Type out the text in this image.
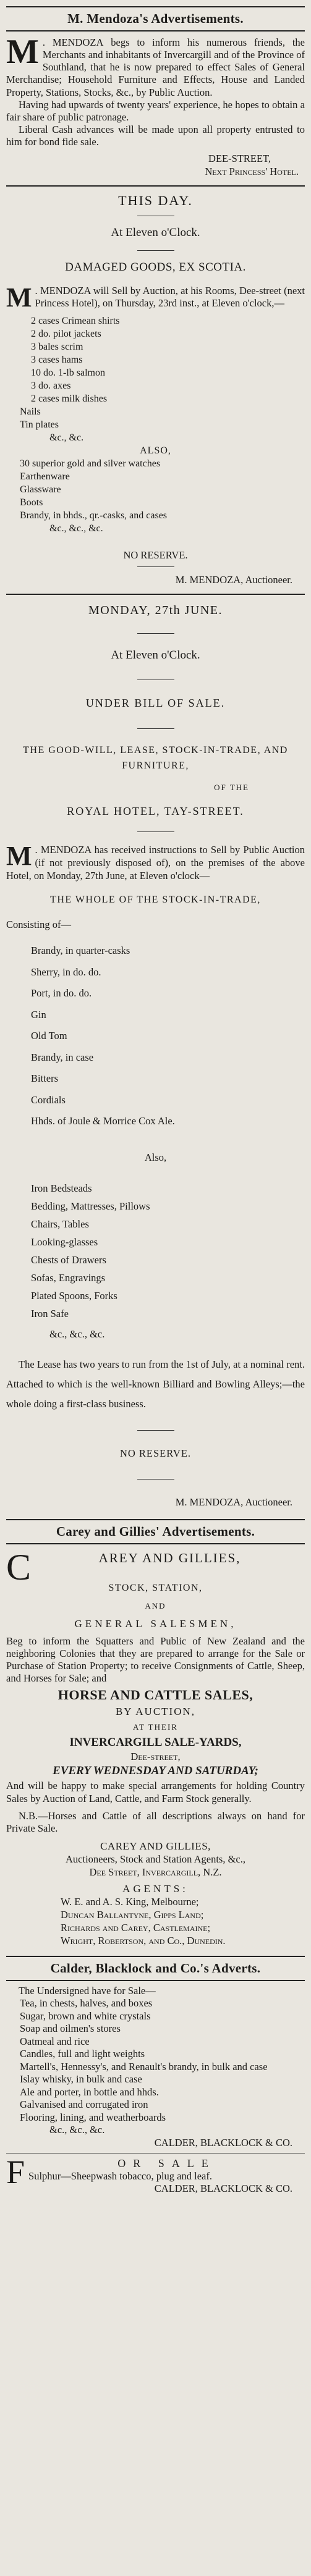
M. Mendoza's Advertisements.
M . MENDOZA begs to inform his numerous friends, the Merchants and inhabitants of Invercargill and of the Province of Southland, that he is now prepared to effect Sales of General Merchandise; Household Furniture and Effects, House and Landed Property, Stations, Stocks, &c., by Public Auction.

Having had upwards of twenty years' experience, he hopes to obtain a fair share of public patronage.

Liberal Cash advances will be made upon all property entrusted to him for bond fide sale.

DEE-STREET,

Next Princess' Hotel.

THIS DAY.

At Eleven o'Clock.

DAMAGED GOODS, EX SCOTIA.

M . MENDOZA will Sell by Auction, at his Rooms, Dee-street (next Princess Hotel), on Thursday, 23rd inst., at Eleven o'clock,—

2 cases Crimean shirts

2 do. pilot jackets

3 bales scrim

3 cases hams

10 do. 1-lb salmon

3 do. axes

2 cases milk dishes

Nails

Tin plates

&c., &c.

ALSO,

30 superior gold and silver watches

Earthenware

Glassware

Boots

Brandy, in bhds., qr.-casks, and cases

&c., &c., &c.

NO RESERVE.

M. MENDOZA, Auctioneer.

MONDAY, 27th JUNE.

At Eleven o'Clock.

UNDER BILL OF SALE.

THE GOOD-WILL, LEASE, STOCK-IN-TRADE, AND FURNITURE,

OF THE

ROYAL HOTEL, TAY-STREET.

M . MENDOZA has received instructions to Sell by Public Auction (if not previously disposed of), on the premises of the above Hotel, on Monday, 27th June, at Eleven o'clock—

THE WHOLE OF THE STOCK-IN-TRADE,

Consisting of—

Brandy, in quarter-casks

Sherry, in do. do.

Port, in do. do.

Gin

Old Tom

Brandy, in case

Bitters

Cordials

Hhds. of Joule & Morrice Cox Ale.

Also,

Iron Bedsteads

Bedding, Mattresses, Pillows

Chairs, Tables

Looking-glasses

Chests of Drawers

Sofas, Engravings

Plated Spoons, Forks

Iron Safe

&c., &c., &c.

The Lease has two years to run from the 1st of July, at a nominal rent. Attached to which is the well-known Billiard and Bowling Alleys;—the whole doing a first-class business.

NO RESERVE.

M. MENDOZA, Auctioneer.

Carey and Gillies' Advertisements.
C	AREY AND GILLIES,

STOCK, STATION,

AND

GENERAL SALESMEN,

Beg to inform the Squatters and Public of New Zealand and the neighboring Colonies that they are prepared to arrange for the Sale or Purchase of Station Property; to receive Consignments of Cattle, Sheep, and Horses for Sale; and

HORSE AND CATTLE SALES,

BY AUCTION,

AT THEIR

INVERCARGILL SALE-YARDS,

Dee-street,

EVERY WEDNESDAY AND SATURDAY;

And will be happy to make special arrangements for holding Country Sales by Auction of Land, Cattle, and Farm Stock generally.

N.B.—Horses and Cattle of all descriptions always on hand for Private Sale.

CAREY AND GILLIES,

Auctioneers, Stock and Station Agents, &c.,

Dee Street, Invercargill, N.Z.

AGENTS:

W. E. and A. S. King, Melbourne;

Duncan Ballantyne, Gipps Land;

Richards and Carey, Castlemaine;

Wright, Robertson, and Co., Dunedin.

Calder, Blacklock and Co.'s Adverts.

The Undersigned have for Sale—

Tea, in chests, halves, and boxes

Sugar, brown and white crystals

Soap and oilmen's stores

Oatmeal and rice

Candles, full and light weights

Martell's, Hennessy's, and Renault's brandy, in bulk and case

Islay whisky, in bulk and case

Ale and porter, in bottle and hhds.

Galvanised and corrugated iron

Flooring, lining, and weatherboards

&c., &c., &c.

CALDER, BLACKLOCK & CO.

F	OR SALE

Sulphur—Sheepwash tobacco, plug and leaf.

CALDER, BLACKLOCK & CO.
